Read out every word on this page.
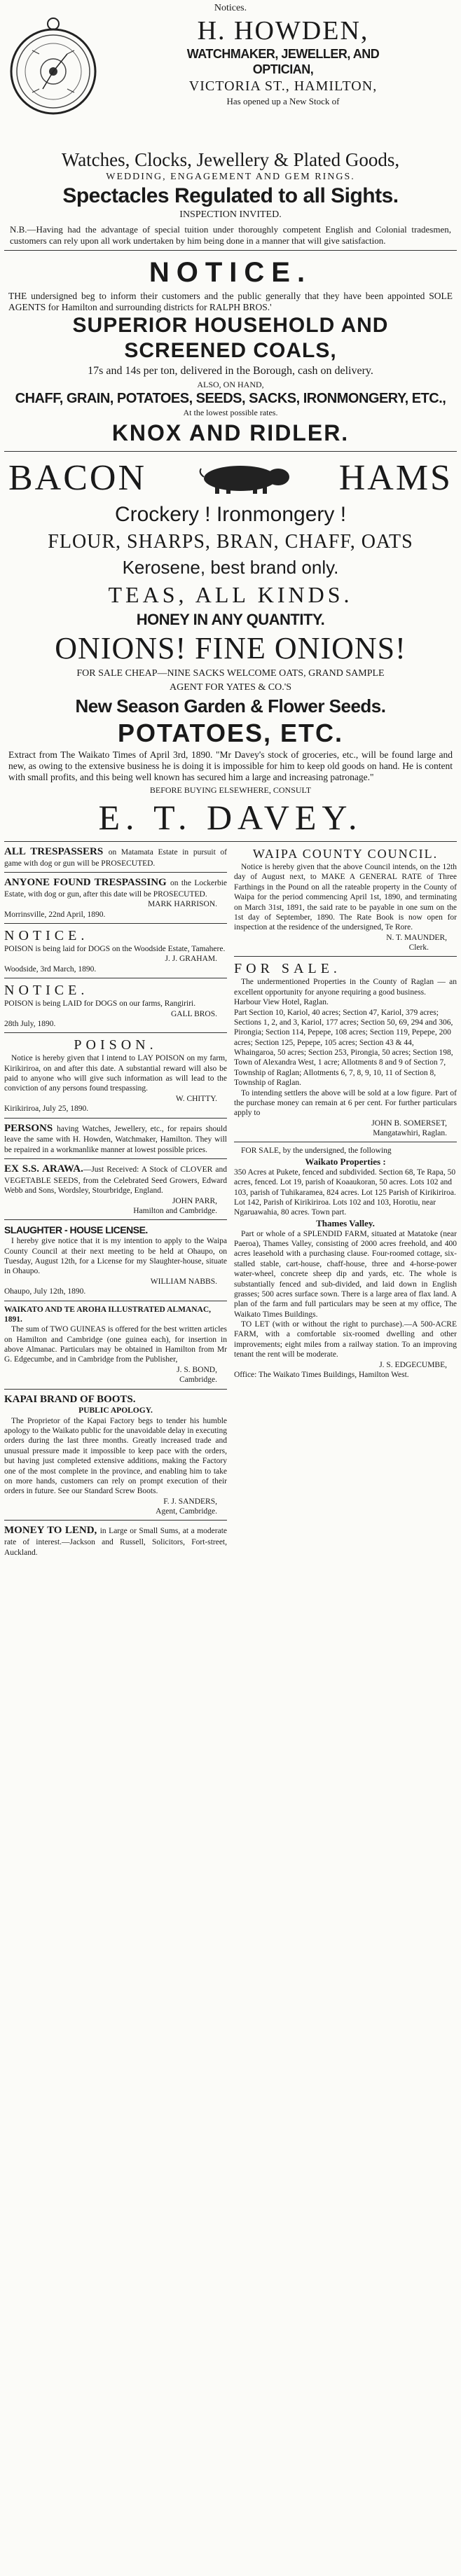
Notices.
H. HOWDEN,
WATCHMAKER, JEWELLER, AND
OPTICIAN,
VICTORIA ST., HAMILTON,
Has opened up a New Stock of
Watches, Clocks, Jewellery & Plated Goods,
WEDDING, ENGAGEMENT AND GEM RINGS.
Spectacles Regulated to all Sights.
INSPECTION INVITED.
N.B.—Having had the advantage of special tuition under thoroughly competent English and Colonial tradesmen, customers can rely upon all work undertaken by him being done in a manner that will give satisfaction.
NOTICE.
THE undersigned beg to inform their customers and the public generally that they have been appointed SOLE AGENTS for Hamilton and surrounding districts for RALPH BROS.'
SUPERIOR HOUSEHOLD AND
SCREENED COALS,
17s and 14s per ton, delivered in the Borough, cash on delivery.
ALSO, ON HAND,
CHAFF, GRAIN, POTATOES, SEEDS, SACKS, IRONMONGERY, ETC.,
At the lowest possible rates.
KNOX AND RIDLER.
BACON	HAMS
Crockery ! Ironmongery !
FLOUR, SHARPS, BRAN, CHAFF, OATS
Kerosene, best brand only.
TEAS, ALL KINDS.
HONEY IN ANY QUANTITY.
ONIONS! FINE ONIONS!
FOR SALE CHEAP—NINE SACKS WELCOME OATS, GRAND SAMPLE
AGENT FOR YATES & CO.'S
New Season Garden & Flower Seeds.
POTATOES, ETC.
Extract from The Waikato Times of April 3rd, 1890. "Mr Davey's stock of groceries, etc., will be found large and new, as owing to the extensive business he is doing it is impossible for him to keep old goods on hand. He is content with small profits, and this being well known has secured him a large and increasing patronage."
BEFORE BUYING ELSEWHERE, CONSULT
E. T. DAVEY.
ALL TRESPASSERS on Matamata Estate in pursuit of game with dog or gun will be PROSECUTED.
ANYONE FOUND TRESPASSING on the Lockerbie Estate, with dog or gun, after this date will be PROSECUTED.
MARK HARRISON.
Morrinsville, 22nd April, 1890.
NOTICE.
POISON is being laid for DOGS on the Woodside Estate, Tamahere.
J. J. GRAHAM.
Woodside, 3rd March, 1890.
NOTICE.
POISON is being LAID for DOGS on our farms, Rangiriri.
GALL BROS.
28th July, 1890.
POISON.
Notice is hereby given that I intend to LAY POISON on my farm, Kirikiriroa, on and after this date. A substantial reward will also be paid to anyone who will give such information as will lead to the conviction of any persons found trespassing.
W. CHITTY.
Kirikiriroa, July 25, 1890.
PERSONS having Watches, Jewellery, etc., for repairs should leave the same with H. Howden, Watchmaker, Hamilton. They will be repaired in a workmanlike manner at lowest possible prices.
EX S.S. ARAWA.—Just Received: A Stock of CLOVER and VEGETABLE SEEDS, from the Celebrated Seed Growers, Edward Webb and Sons, Wordsley, Stourbridge, England.
JOHN PARR,
Hamilton and Cambridge.
SLAUGHTER - HOUSE LICENSE.
I hereby give notice that it is my intention to apply to the Waipa County Council at their next meeting to be held at Ohaupo, on Tuesday, August 12th, for a License for my Slaughter-house, situate in Ohaupo.
WILLIAM NABBS.
Ohaupo, July 12th, 1890.
WAIKATO AND TE AROHA ILLUSTRATED ALMANAC, 1891.
The sum of TWO GUINEAS is offered for the best written articles on Hamilton and Cambridge (one guinea each), for insertion in above Almanac. Particulars may be obtained in Hamilton from Mr G. Edgecumbe, and in Cambridge from the Publisher,
J. S. BOND,
Cambridge.
KAPAI BRAND OF BOOTS.
PUBLIC APOLOGY.
The Proprietor of the Kapai Factory begs to tender his humble apology to the Waikato public for the unavoidable delay in executing orders during the last three months. Greatly increased trade and unusual pressure made it impossible to keep pace with the orders, but having just completed extensive additions, making the Factory one of the most complete in the province, and enabling him to take on more hands, customers can rely on prompt execution of their orders in future. See our Standard Screw Boots.
F. J. SANDERS,
Agent, Cambridge.
MONEY TO LEND, in Large or Small Sums, at a moderate rate of interest.—Jackson and Russell, Solicitors, Fort-street, Auckland.
WAIPA COUNTY COUNCIL.
Notice is hereby given that the above Council intends, on the 12th day of August next, to MAKE A GENERAL RATE of Three Farthings in the Pound on all the rateable property in the County of Waipa for the period commencing April 1st, 1890, and terminating on March 31st, 1891, the said rate to be payable in one sum on the 1st day of September, 1890. The Rate Book is now open for inspection at the residence of the undersigned, Te Rore.
N. T. MAUNDER,
Clerk.
FOR SALE.
The undermentioned Properties in the County of Raglan — an excellent opportunity for anyone requiring a good business.
Harbour View Hotel, Raglan.
Part Section 10, Kariol, 40 acres; Section 47, Kariol, 379 acres; Sections 1, 2, and 3, Kariol, 177 acres; Section 50, 69, 294 and 306, Pirongia; Section 114, Pepepe, 108 acres; Section 119, Pepepe, 200 acres; Section 125, Pepepe, 105 acres; Section 43 & 44, Whaingaroa, 50 acres; Section 253, Pirongia, 50 acres; Section 198, Town of Alexandra West, 1 acre; Allotments 8 and 9 of Section 7, Township of Raglan; Allotments 6, 7, 8, 9, 10, 11 of Section 8, Township of Raglan.
To intending settlers the above will be sold at a low figure. Part of the purchase money can remain at 6 per cent. For further particulars apply to
JOHN B. SOMERSET,
Mangatawhiri, Raglan.
FOR SALE, by the undersigned, the following
Waikato Properties :
350 Acres at Pukete, fenced and subdivided. Section 68, Te Rapa, 50 acres, fenced. Lot 19, parish of Koaaukoran, 50 acres. Lots 102 and 103, parish of Tuhikaramea, 824 acres. Lot 125 Parish of Kirikiriroa. Lot 142, Parish of Kirikiriroa. Lots 102 and 103, Horotiu, near Ngaruawahia, 80 acres. Town part.
Thames Valley.
Part or whole of a SPLENDID FARM, situated at Matatoke (near Paeroa), Thames Valley, consisting of 2000 acres freehold, and 400 acres leasehold with a purchasing clause. Four-roomed cottage, six-stalled stable, cart-house, chaff-house, three and 4-horse-power water-wheel, concrete sheep dip and yards, etc. The whole is substantially fenced and sub-divided, and laid down in English grasses; 500 acres surface sown. There is a large area of flax land. A plan of the farm and full particulars may be seen at my office, The Waikato Times Buildings.
TO LET (with or without the right to purchase).—A 500-ACRE FARM, with a comfortable six-roomed dwelling and other improvements; eight miles from a railway station. To an improving tenant the rent will be moderate.
J. S. EDGECUMBE,
Office: The Waikato Times Buildings, Hamilton West.
